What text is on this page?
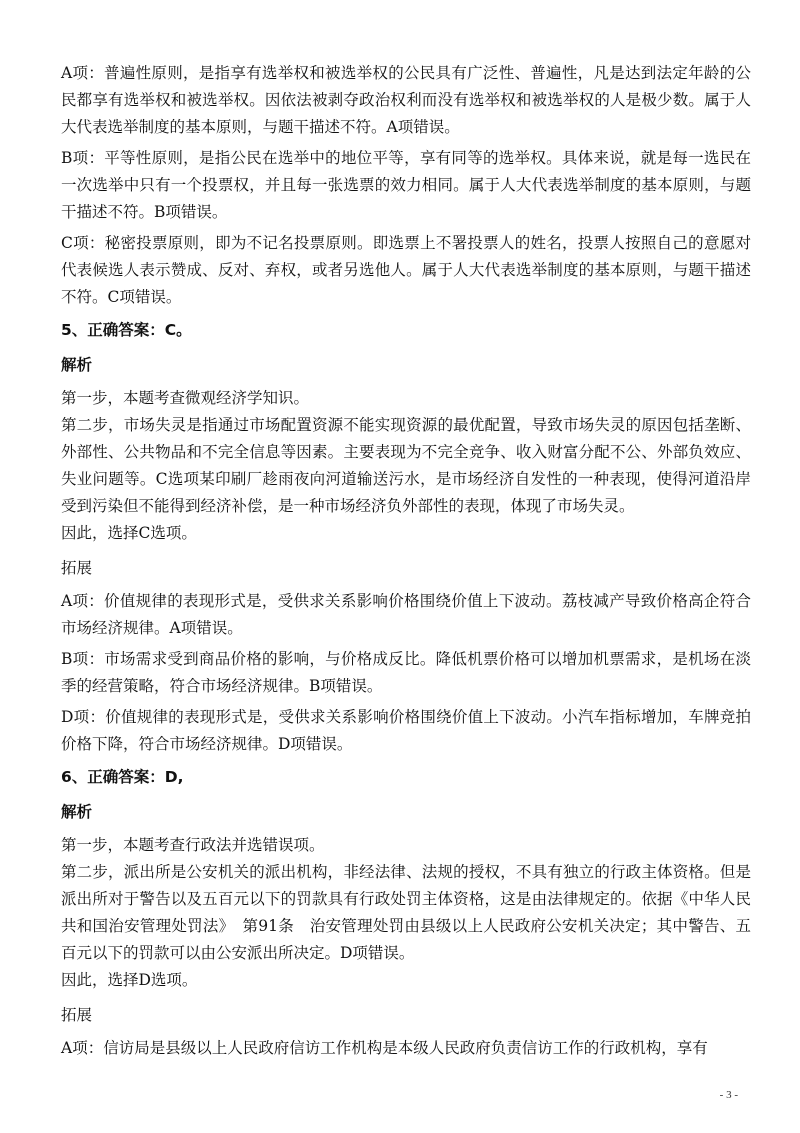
A项：普遍性原则，是指享有选举权和被选举权的公民具有广泛性、普遍性，凡是达到法定年龄的公民都享有选举权和被选举权。因依法被剥夺政治权利而没有选举权和被选举权的人是极少数。属于人大代表选举制度的基本原则，与题干描述不符。A项错误。

B项：平等性原则，是指公民在选举中的地位平等，享有同等的选举权。具体来说，就是每一选民在一次选举中只有一个投票权，并且每一张选票的效力相同。属于人大代表选举制度的基本原则，与题干描述不符。B项错误。

C项：秘密投票原则，即为不记名投票原则。即选票上不署投票人的姓名，投票人按照自己的意愿对代表候选人表示赞成、反对、弃权，或者另选他人。属于人大代表选举制度的基本原则，与题干描述不符。C项错误。

5、正确答案：C。
解析

第一步，本题考查微观经济学知识。

第二步，市场失灵是指通过市场配置资源不能实现资源的最优配置，导致市场失灵的原因包括垄断、外部性、公共物品和不完全信息等因素。主要表现为不完全竞争、收入财富分配不公、外部负效应、失业问题等。C选项某印刷厂趁雨夜向河道输送污水，是市场经济自发性的一种表现，使得河道沿岸受到污染但不能得到经济补偿，是一种市场经济负外部性的表现，体现了市场失灵。

因此，选择C选项。

拓展

A项：价值规律的表现形式是，受供求关系影响价格围绕价值上下波动。荔枝减产导致价格高企符合市场经济规律。A项错误。

B项：市场需求受到商品价格的影响，与价格成反比。降低机票价格可以增加机票需求，是机场在淡季的经营策略，符合市场经济规律。B项错误。

D项：价值规律的表现形式是，受供求关系影响价格围绕价值上下波动。小汽车指标增加，车牌竞拍价格下降，符合市场经济规律。D项错误。

6、正确答案：D,
解析

第一步，本题考查行政法并选错误项。

第二步，派出所是公安机关的派出机构，非经法律、法规的授权，不具有独立的行政主体资格。但是派出所对于警告以及五百元以下的罚款具有行政处罚主体资格，这是由法律规定的。依据《中华人民共和国治安管理处罚法》　第91条　治安管理处罚由县级以上人民政府公安机关决定；其中警告、五百元以下的罚款可以由公安派出所决定。D项错误。

因此，选择D选项。

拓展

A项：信访局是县级以上人民政府信访工作机构是本级人民政府负责信访工作的行政机构，享有

- 3 -
